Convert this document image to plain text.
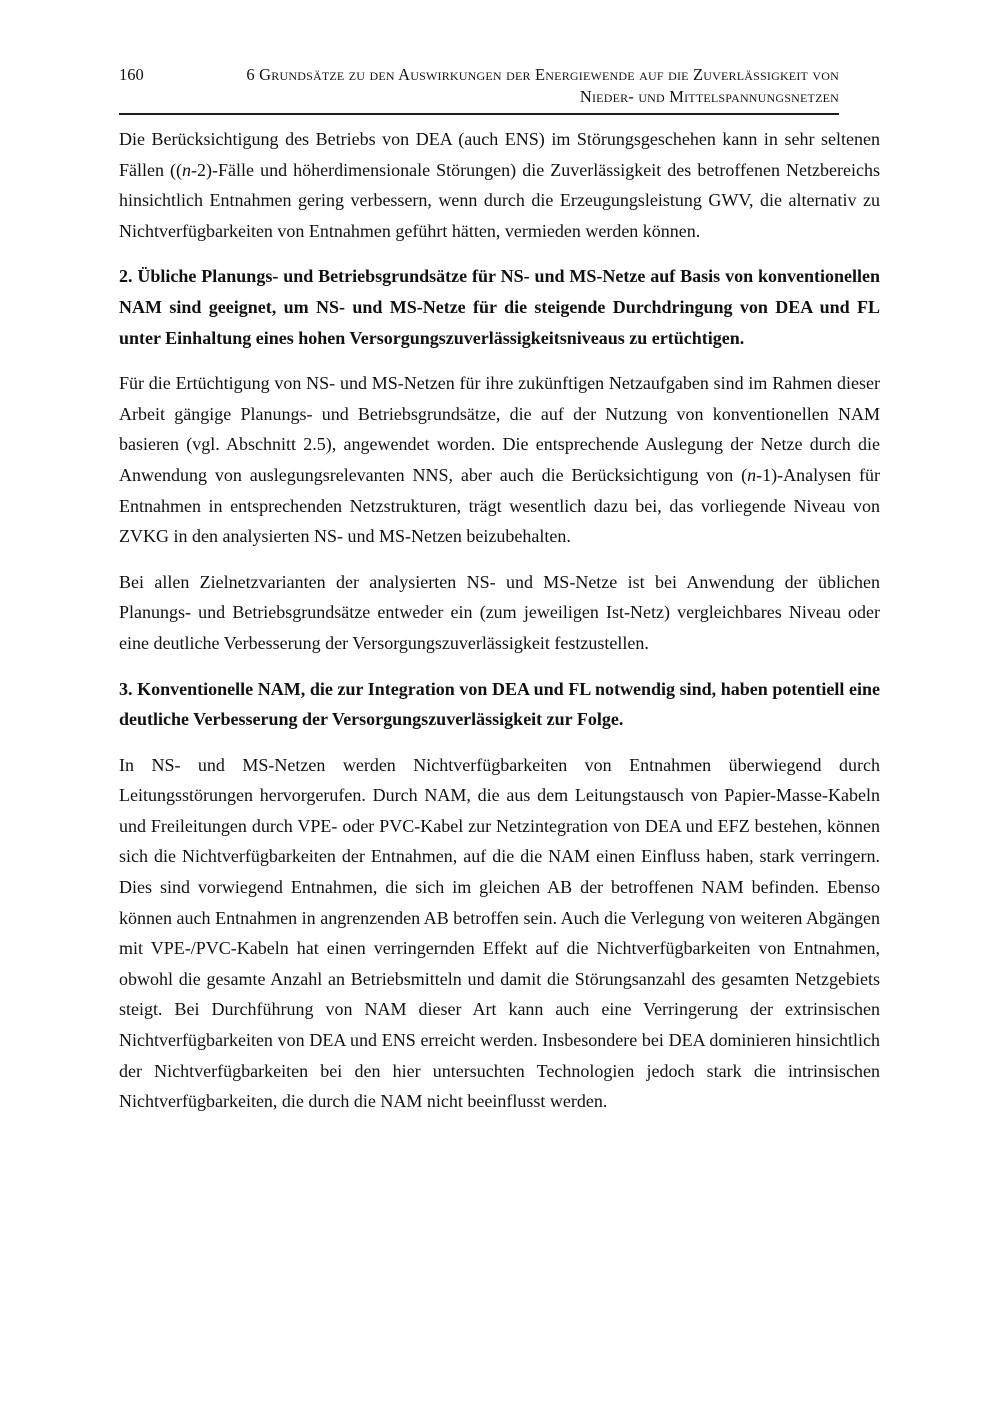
160	6 Grundsätze zu den Auswirkungen der Energiewende auf die Zuverlässigkeit von
Nieder- und Mittelspannungsnetzen

Die Berücksichtigung des Betriebs von DEA (auch ENS) im Störungsgeschehen kann in sehr seltenen Fällen ((n-2)-Fälle und höherdimensionale Störungen) die Zuverlässigkeit des betroffenen Netzbereichs hinsichtlich Entnahmen gering verbessern, wenn durch die Erzeugungsleistung GWV, die alternativ zu Nichtverfügbarkeiten von Entnahmen geführt hätten, vermieden werden können.

2. Übliche Planungs- und Betriebsgrundsätze für NS- und MS-Netze auf Basis von konventionellen NAM sind geeignet, um NS- und MS-Netze für die steigende Durchdringung von DEA und FL unter Einhaltung eines hohen Versorgungszuverlässigkeitsniveaus zu ertüchtigen.

Für die Ertüchtigung von NS- und MS-Netzen für ihre zukünftigen Netzaufgaben sind im Rahmen dieser Arbeit gängige Planungs- und Betriebsgrundsätze, die auf der Nutzung von konventionellen NAM basieren (vgl. Abschnitt 2.5), angewendet worden. Die entsprechende Auslegung der Netze durch die Anwendung von auslegungsrelevanten NNS, aber auch die Berücksichtigung von (n-1)-Analysen für Entnahmen in entsprechenden Netzstrukturen, trägt wesentlich dazu bei, das vorliegende Niveau von ZVKG in den analysierten NS- und MS-Netzen beizubehalten.

Bei allen Zielnetzvarianten der analysierten NS- und MS-Netze ist bei Anwendung der üblichen Planungs- und Betriebsgrundsätze entweder ein (zum jeweiligen Ist-Netz) vergleichbares Niveau oder eine deutliche Verbesserung der Versorgungszuverlässigkeit festzustellen.

3. Konventionelle NAM, die zur Integration von DEA und FL notwendig sind, haben potentiell eine deutliche Verbesserung der Versorgungszuverlässigkeit zur Folge.

In NS- und MS-Netzen werden Nichtverfügbarkeiten von Entnahmen überwiegend durch Leitungsstörungen hervorgerufen. Durch NAM, die aus dem Leitungstausch von Papier-Masse-Kabeln und Freileitungen durch VPE- oder PVC-Kabel zur Netzintegration von DEA und EFZ bestehen, können sich die Nichtverfügbarkeiten der Entnahmen, auf die die NAM einen Einfluss haben, stark verringern. Dies sind vorwiegend Entnahmen, die sich im gleichen AB der betroffenen NAM befinden. Ebenso können auch Entnahmen in angrenzenden AB betroffen sein. Auch die Verlegung von weiteren Abgängen mit VPE-/PVC-Kabeln hat einen verringernden Effekt auf die Nichtverfügbarkeiten von Entnahmen, obwohl die gesamte Anzahl an Betriebsmitteln und damit die Störungsanzahl des gesamten Netzgebiets steigt. Bei Durchführung von NAM dieser Art kann auch eine Verringerung der extrinsischen Nichtverfügbarkeiten von DEA und ENS erreicht werden. Insbesondere bei DEA dominieren hinsichtlich der Nichtverfügbarkeiten bei den hier untersuchten Technologien jedoch stark die intrinsischen Nichtverfügbarkeiten, die durch die NAM nicht beeinflusst werden.
